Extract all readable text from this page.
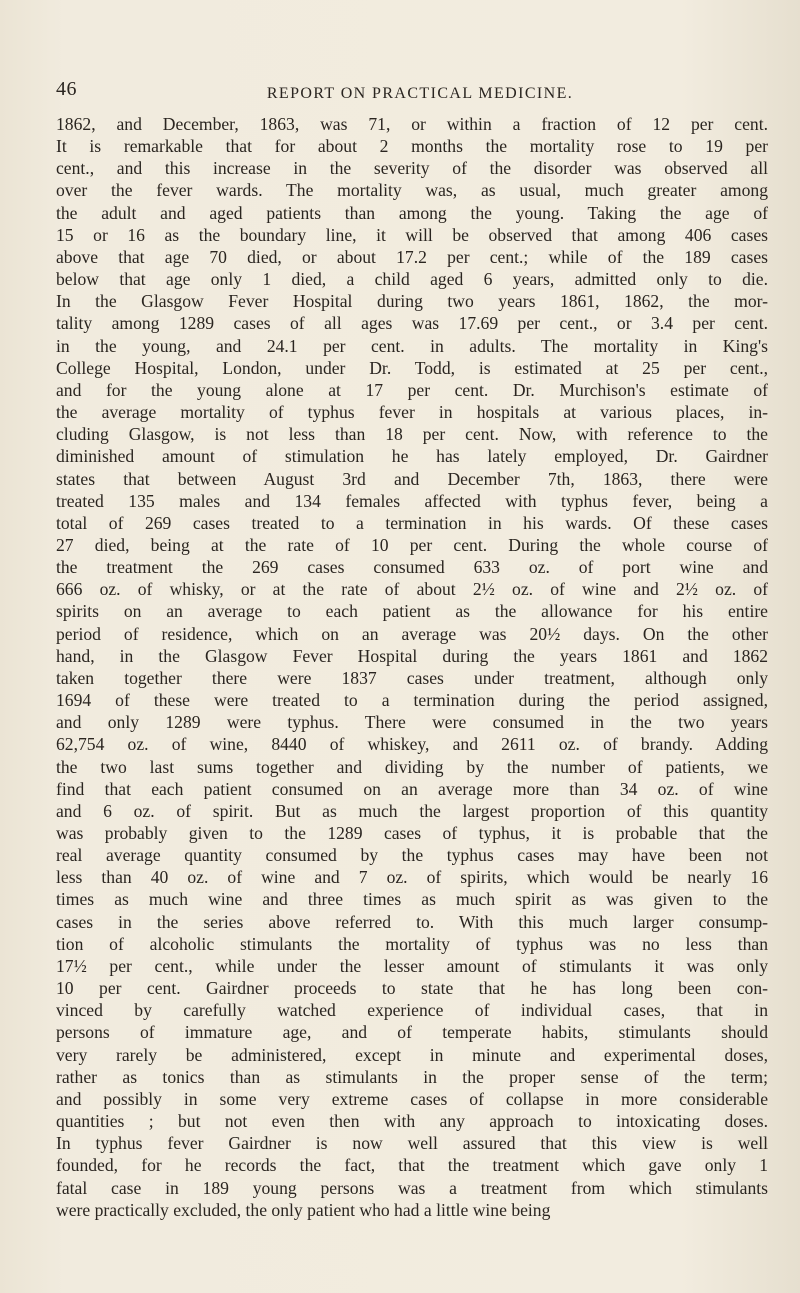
46	REPORT ON PRACTICAL MEDICINE.
1862, and December, 1863, was 71, or within a fraction of 12 per cent.
It is remarkable that for about 2 months the mortality rose to 19 per
cent., and this increase in the severity of the disorder was observed all
over the fever wards. The mortality was, as usual, much greater among
the adult and aged patients than among the young. Taking the age of
15 or 16 as the boundary line, it will be observed that among 406 cases
above that age 70 died, or about 17.2 per cent.; while of the 189 cases
below that age only 1 died, a child aged 6 years, admitted only to die.
In the Glasgow Fever Hospital during two years 1861, 1862, the mor-
tality among 1289 cases of all ages was 17.69 per cent., or 3.4 per cent.
in the young, and 24.1 per cent. in adults. The mortality in King's
College Hospital, London, under Dr. Todd, is estimated at 25 per cent.,
and for the young alone at 17 per cent. Dr. Murchison's estimate of
the average mortality of typhus fever in hospitals at various places, in-
cluding Glasgow, is not less than 18 per cent. Now, with reference to the
diminished amount of stimulation he has lately employed, Dr. Gairdner
states that between August 3rd and December 7th, 1863, there were
treated 135 males and 134 females affected with typhus fever, being a
total of 269 cases treated to a termination in his wards. Of these cases
27 died, being at the rate of 10 per cent. During the whole course of
the treatment the 269 cases consumed 633 oz. of port wine and
666 oz. of whisky, or at the rate of about 2½ oz. of wine and 2½ oz. of
spirits on an average to each patient as the allowance for his entire
period of residence, which on an average was 20½ days. On the other
hand, in the Glasgow Fever Hospital during the years 1861 and 1862
taken together there were 1837 cases under treatment, although only
1694 of these were treated to a termination during the period assigned,
and only 1289 were typhus. There were consumed in the two years
62,754 oz. of wine, 8440 of whiskey, and 2611 oz. of brandy. Adding
the two last sums together and dividing by the number of patients, we
find that each patient consumed on an average more than 34 oz. of wine
and 6 oz. of spirit. But as much the largest proportion of this quantity
was probably given to the 1289 cases of typhus, it is probable that the
real average quantity consumed by the typhus cases may have been not
less than 40 oz. of wine and 7 oz. of spirits, which would be nearly 16
times as much wine and three times as much spirit as was given to the
cases in the series above referred to. With this much larger consump-
tion of alcoholic stimulants the mortality of typhus was no less than
17½ per cent., while under the lesser amount of stimulants it was only
10 per cent. Gairdner proceeds to state that he has long been con-
vinced by carefully watched experience of individual cases, that in
persons of immature age, and of temperate habits, stimulants should
very rarely be administered, except in minute and experimental doses,
rather as tonics than as stimulants in the proper sense of the term;
and possibly in some very extreme cases of collapse in more considerable
quantities ; but not even then with any approach to intoxicating doses.
In typhus fever Gairdner is now well assured that this view is well
founded, for he records the fact, that the treatment which gave only 1
fatal case in 189 young persons was a treatment from which stimulants
were practically excluded, the only patient who had a little wine being
